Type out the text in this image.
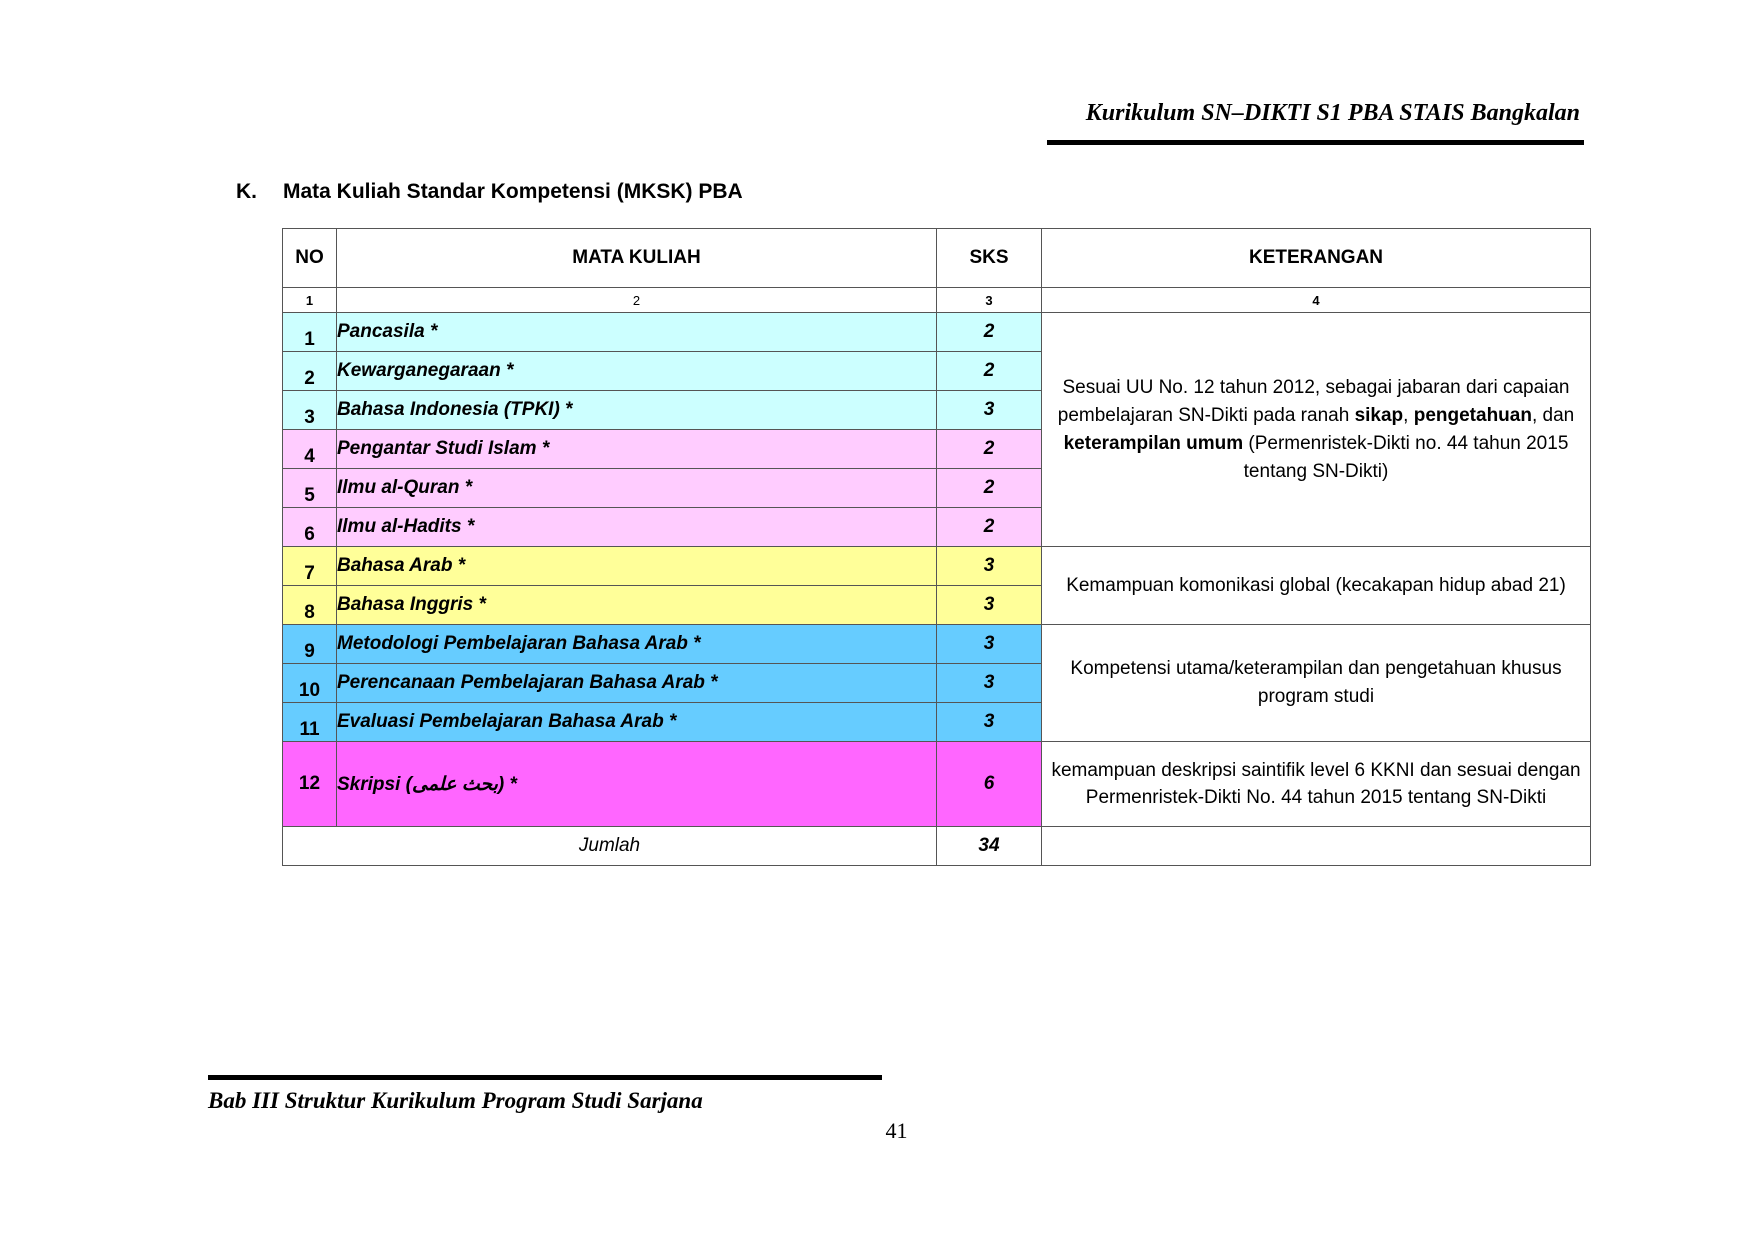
Kurikulum SN–DIKTI S1 PBA STAIS Bangkalan
K. Mata Kuliah Standar Kompetensi (MKSK) PBA
NO	MATA KULIAH	SKS	KETERANGAN
1	2	3	4
1	Pancasila *	2	Sesuai UU No. 12 tahun 2012, sebagai jabaran dari capaian pembelajaran SN-Dikti pada ranah sikap, pengetahuan, dan keterampilan umum (Permenristek-Dikti no. 44 tahun 2015 tentang SN-Dikti)
2	Kewarganegaraan *	2	
3	Bahasa Indonesia (TPKI) *	3	
4	Pengantar Studi Islam *	2	
5	Ilmu al-Quran *	2	
6	Ilmu al-Hadits *	2	
7	Bahasa Arab *	3	Kemampuan komonikasi global (kecakapan hidup abad 21)
8	Bahasa Inggris *	3	
9	Metodologi Pembelajaran Bahasa Arab *	3	Kompetensi utama/keterampilan dan pengetahuan khusus program studi
10	Perencanaan Pembelajaran Bahasa Arab *	3	
11	Evaluasi Pembelajaran Bahasa Arab *	3	
12	Skripsi (بحث علمى) *	6	kemampuan deskripsi saintifik level 6 KKNI dan sesuai dengan Permenristek-Dikti No. 44 tahun 2015 tentang SN-Dikti
Jumlah		34	
Bab III Struktur Kurikulum Program Studi Sarjana
41
